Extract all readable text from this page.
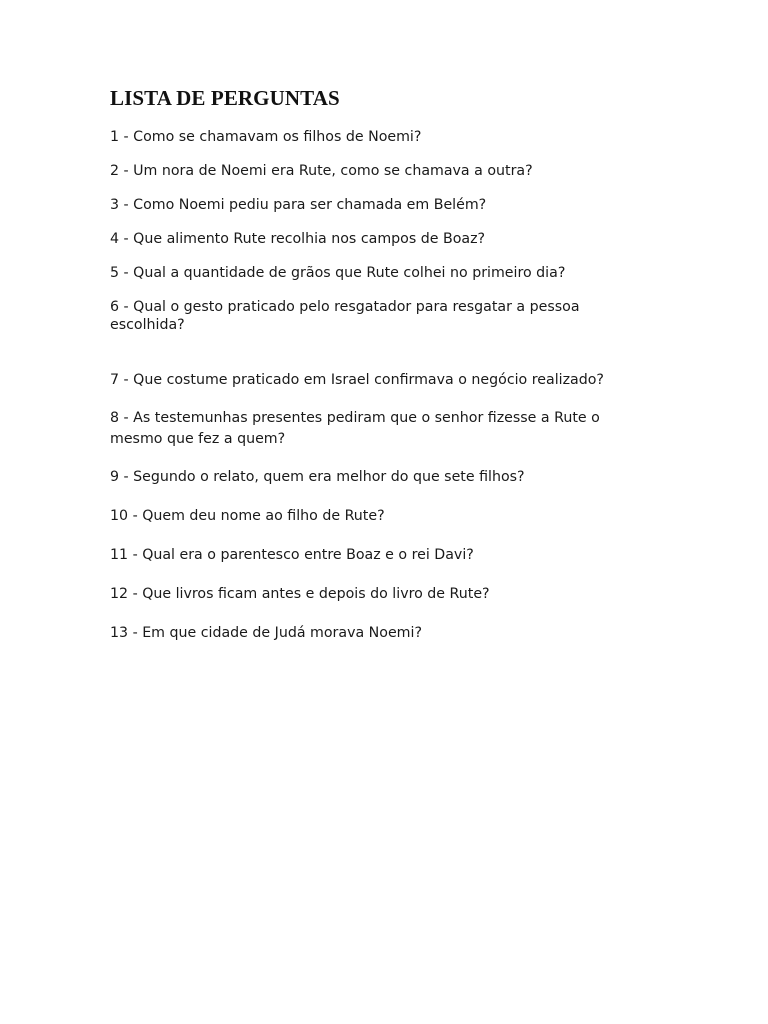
LISTA DE PERGUNTAS

1 - Como se chamavam os filhos de Noemi?

2 - Um nora de Noemi era Rute, como se chamava a outra?

3 - Como Noemi pediu para ser chamada em Belém?

4 - Que alimento Rute recolhia nos campos de Boaz?

5 - Qual a quantidade de grãos que Rute colhei no primeiro dia?

6 - Qual o gesto praticado pelo resgatador para resgatar a pessoa escolhida?

7 - Que costume praticado em Israel confirmava o negócio realizado?

8 - As testemunhas presentes pediram que o senhor fizesse a Rute o mesmo que fez a quem?

9 - Segundo o relato, quem era melhor do que sete filhos?

10 - Quem deu nome ao filho de Rute?

11 - Qual era o parentesco entre Boaz e o rei Davi?

12 - Que livros ficam antes e depois do livro de Rute?

13 - Em que cidade de Judá morava Noemi?
